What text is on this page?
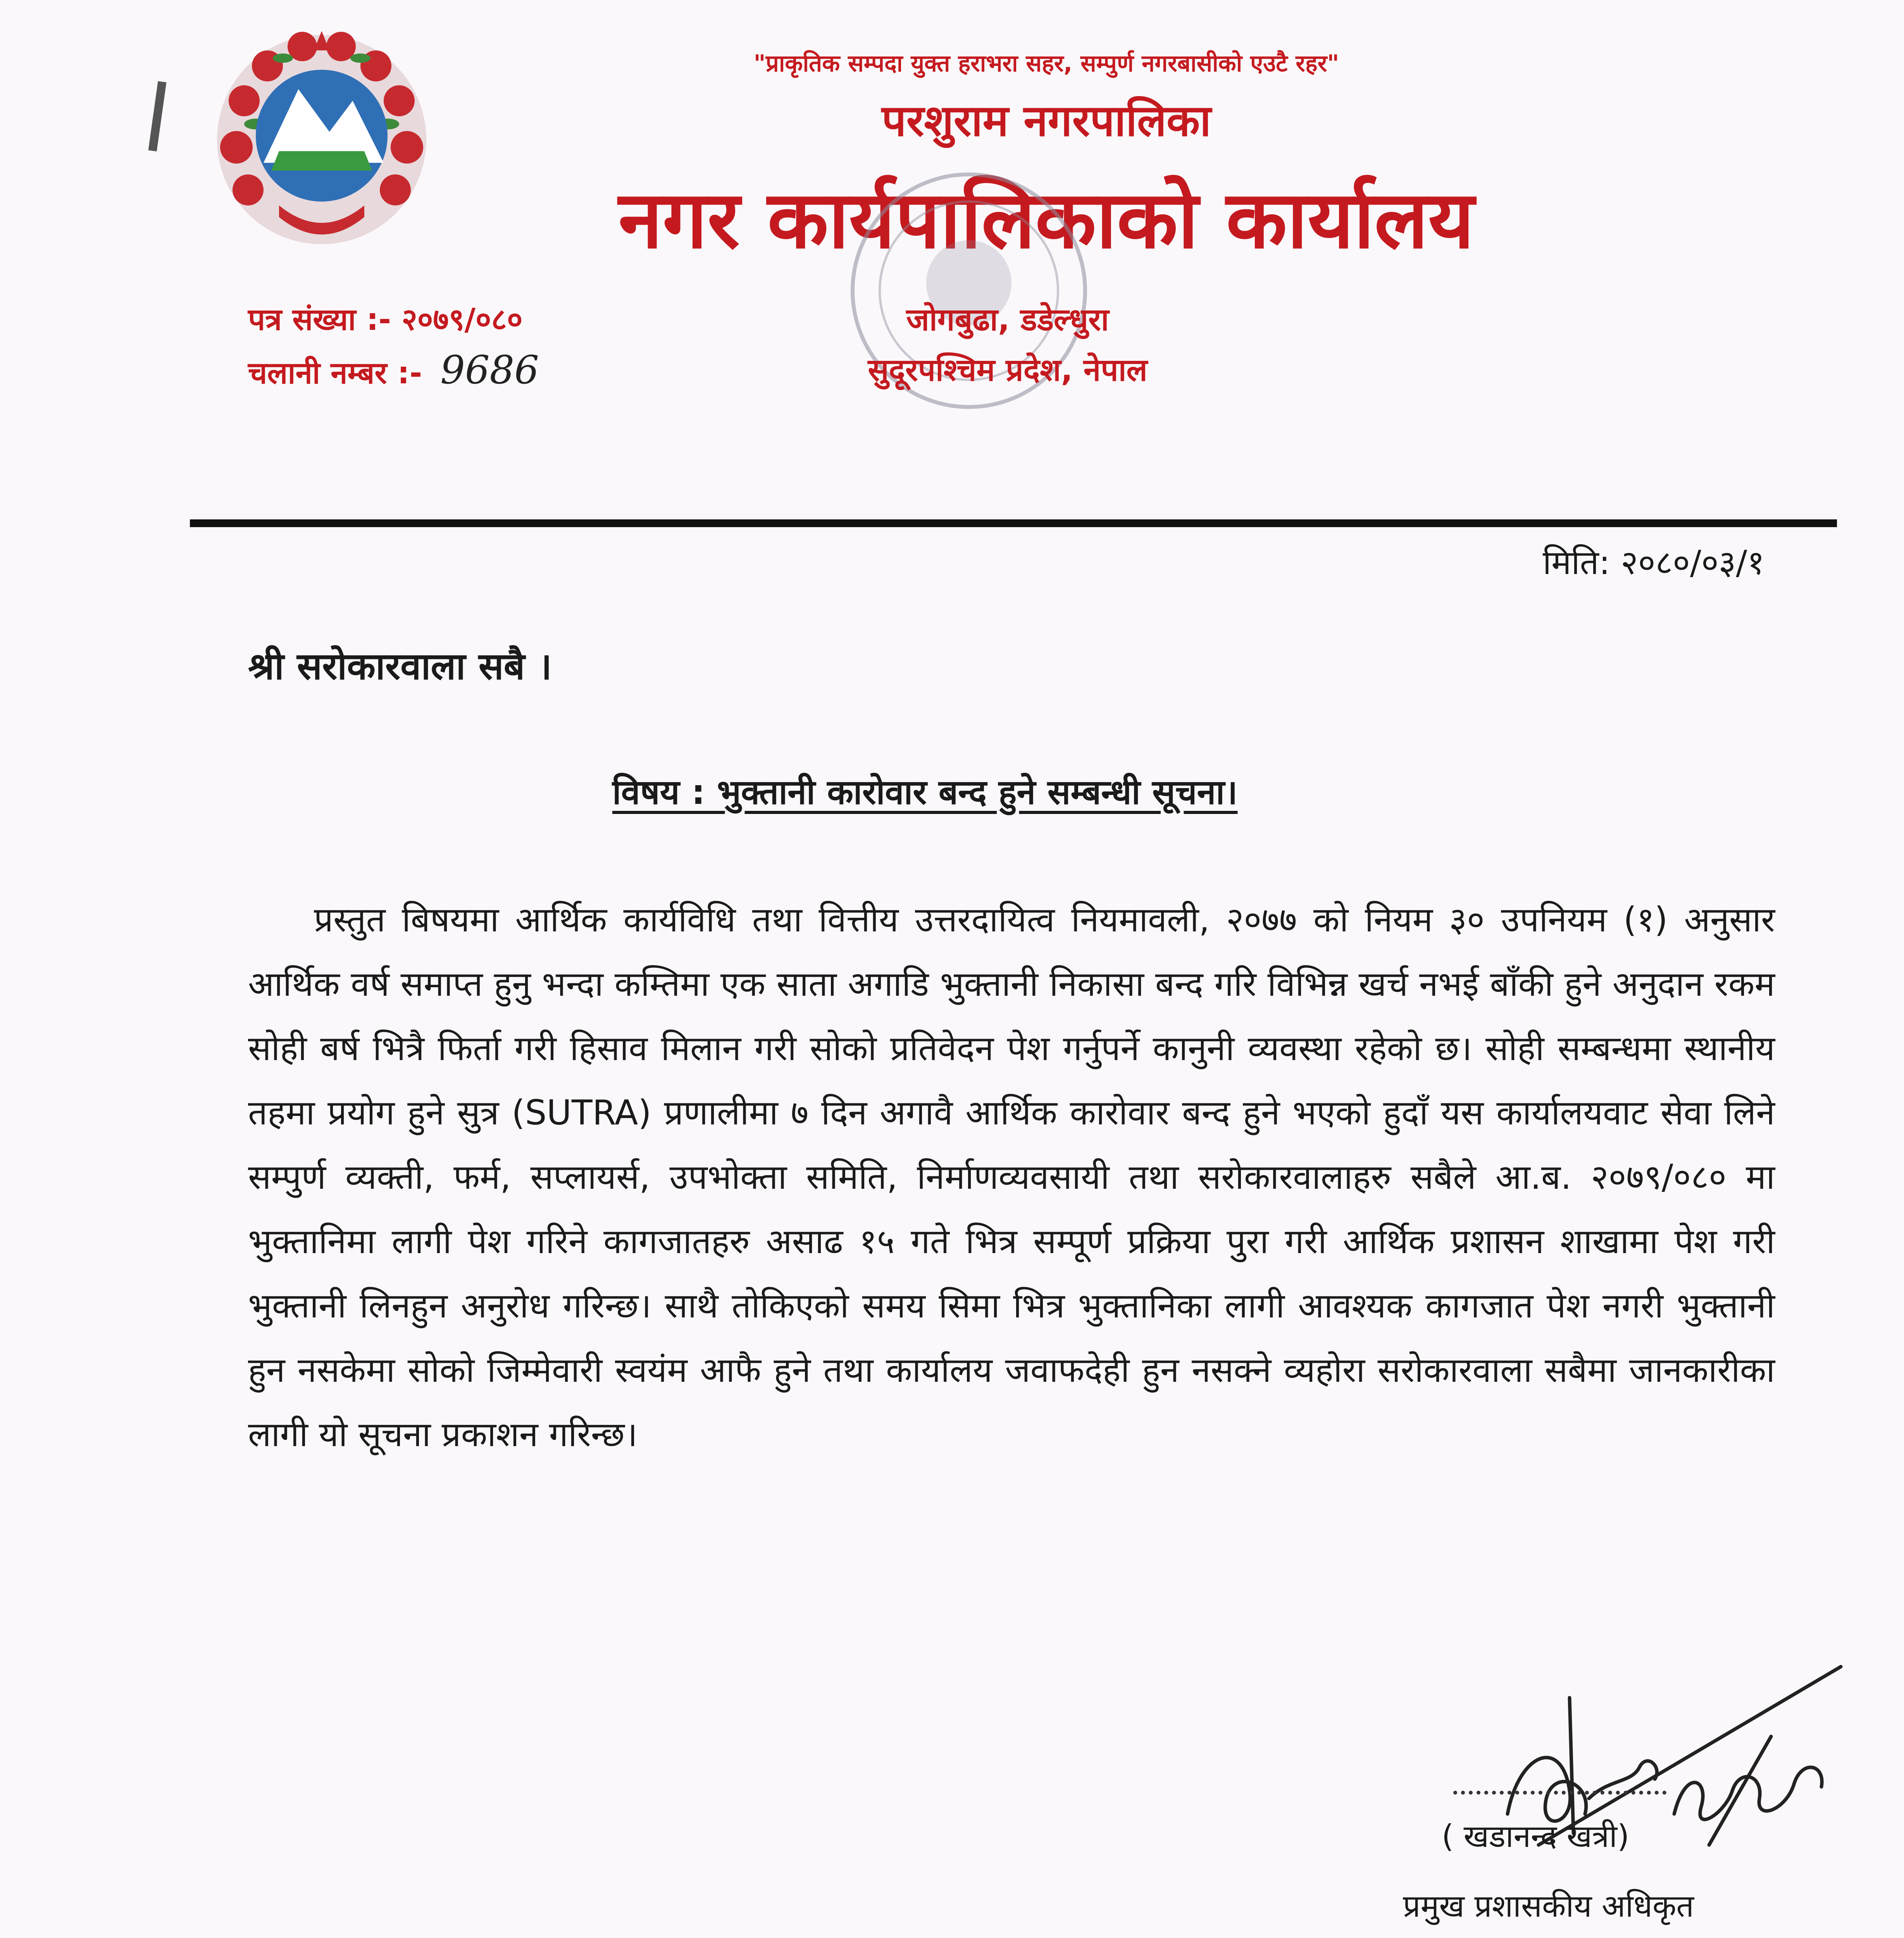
"प्राकृतिक सम्पदा युक्त हराभरा सहर, सम्पुर्ण नगरबासीको एउटै रहर"
परशुराम नगरपालिका
नगर कार्यपालिकाको कार्यालय
पत्र संख्या :- २०७९/०८०
चलानी नम्बर :- 9686
जोगबुढा, डडेल्धुरा
सुदूरपश्चिम प्रदेश, नेपाल
मिति: २०८०/०३/१
श्री सरोकारवाला सबै ।
विषय : भुक्तानी कारोवार बन्द हुने सम्बन्धी सूचना।
प्रस्तुत बिषयमा आर्थिक कार्यविधि तथा वित्तीय उत्तरदायित्व नियमावली, २०७७ को नियम ३० उपनियम (१) अनुसार आर्थिक वर्ष समाप्त हुनु भन्दा कम्तिमा एक साता अगाडि भुक्तानी निकासा बन्द गरि विभिन्न खर्च नभई बाँकी हुने अनुदान रकम सोही बर्ष भित्रै फिर्ता गरी हिसाव मिलान गरी सोको प्रतिवेदन पेश गर्नुपर्ने कानुनी व्यवस्था रहेको छ। सोही सम्बन्धमा स्थानीय तहमा प्रयोग हुने सुत्र (SUTRA) प्रणालीमा ७ दिन अगावै आर्थिक कारोवार बन्द हुने भएको हुदाँ यस कार्यालयवाट सेवा लिने सम्पुर्ण व्यक्ती, फर्म, सप्लायर्स, उपभोक्ता समिति, निर्माणव्यवसायी तथा सरोकारवालाहरु सबैले आ.ब. २०७९/०८० मा भुक्तानिमा लागी पेश गरिने कागजातहरु असाढ १५ गते भित्र सम्पूर्ण प्रक्रिया पुरा गरी आर्थिक प्रशासन शाखामा पेश गरी भुक्तानी लिनहुन अनुरोध गरिन्छ। साथै तोकिएको समय सिमा भित्र भुक्तानिका लागी आवश्यक कागजात पेश नगरी भुक्तानी हुन नसकेमा सोको जिम्मेवारी स्वयंम आफै हुने तथा कार्यालय जवाफदेही हुन नसक्ने व्यहोरा सरोकारवाला सबैमा जानकारीका लागी यो सूचना प्रकाशन गरिन्छ।
( खडानन्द खत्री)
प्रमुख प्रशासकीय अधिकृत
